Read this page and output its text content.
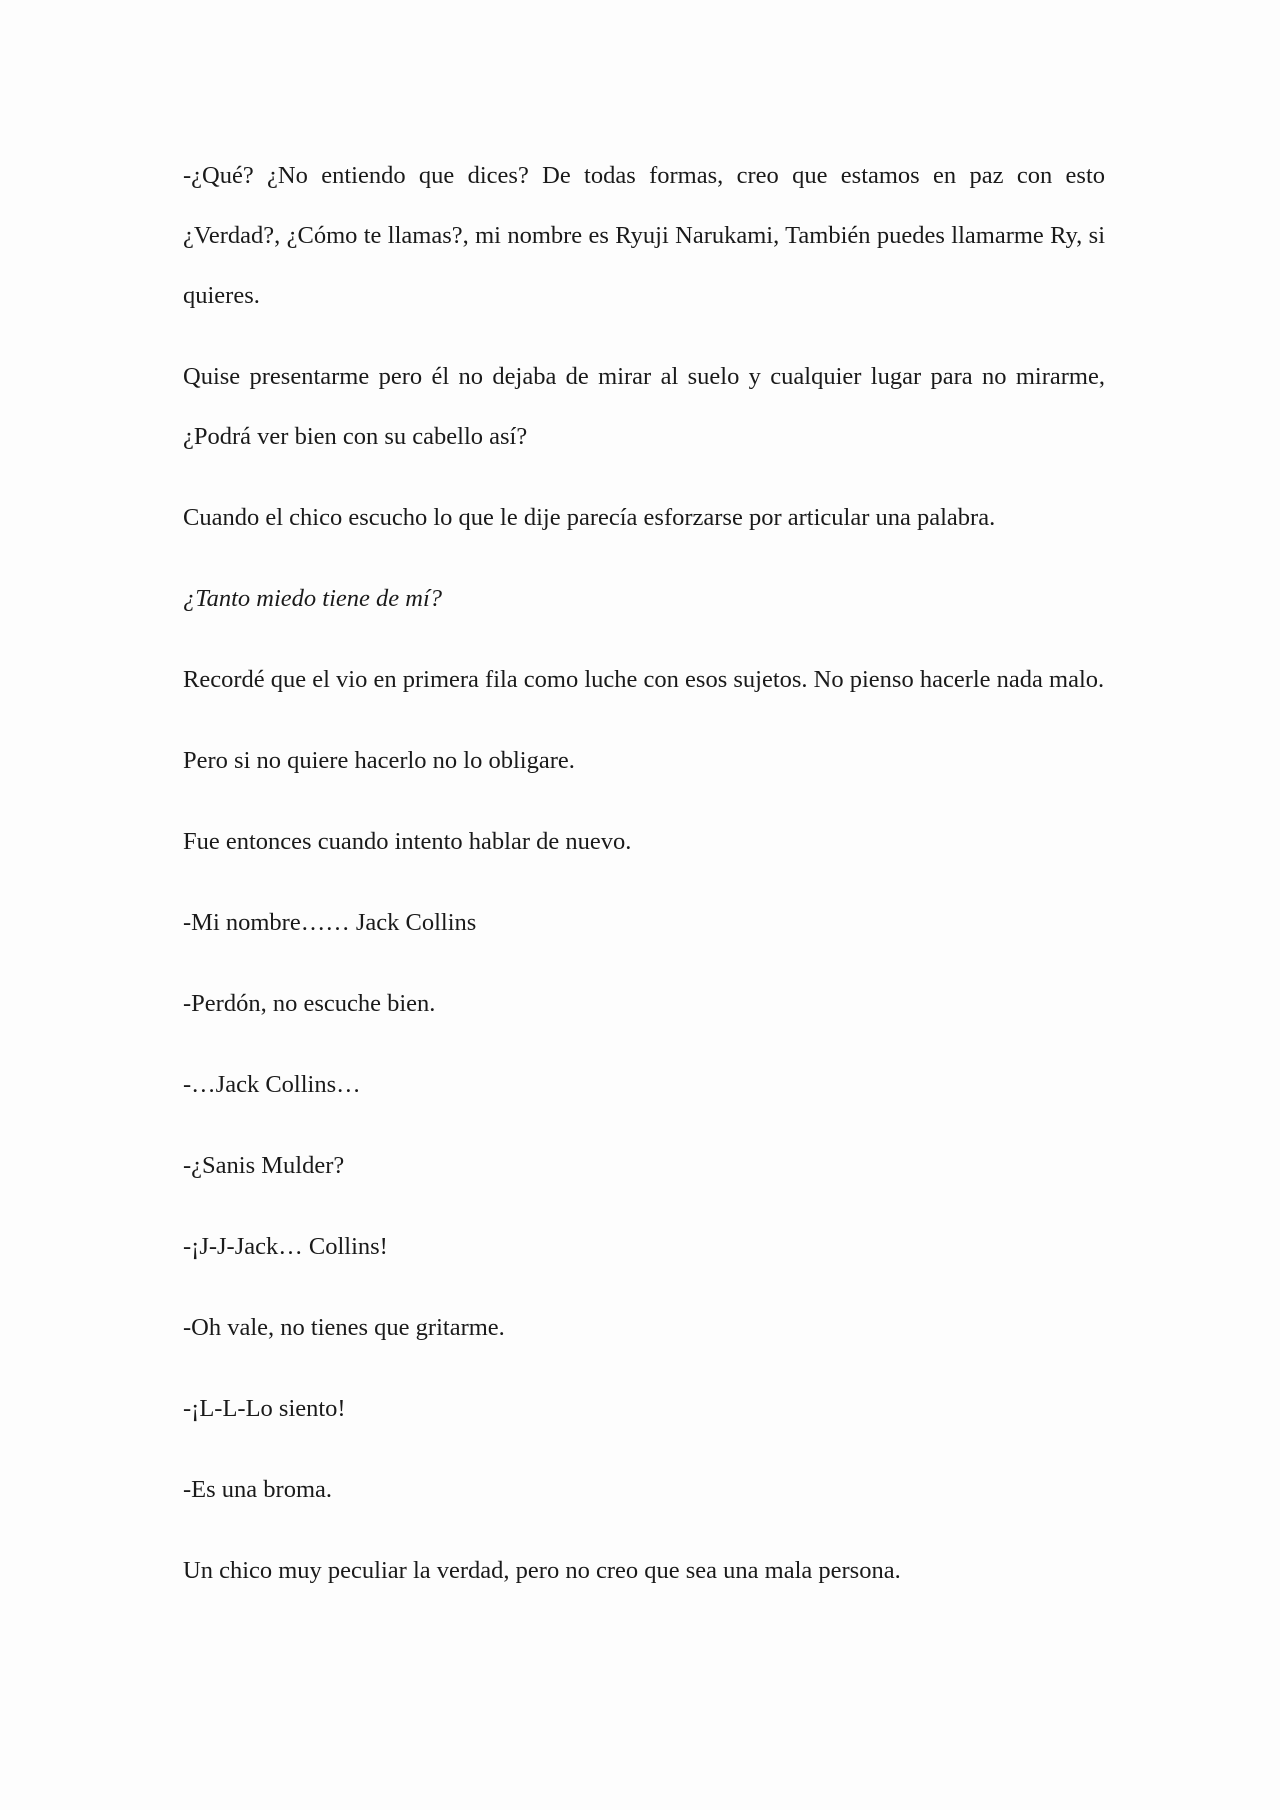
-¿Qué? ¿No entiendo que dices? De todas formas, creo que estamos en paz con esto ¿Verdad?, ¿Cómo te llamas?, mi nombre es Ryuji Narukami, También puedes llamarme Ry, si quieres.

Quise presentarme pero él no dejaba de mirar al suelo y cualquier lugar para no mirarme, ¿Podrá ver bien con su cabello así?

Cuando el chico escucho lo que le dije parecía esforzarse por articular una palabra.

¿Tanto miedo tiene de mí?

Recordé que el vio en primera fila como luche con esos sujetos. No pienso hacerle nada malo.

Pero si no quiere hacerlo no lo obligare.

Fue entonces cuando intento hablar de nuevo.

-Mi nombre…… Jack Collins

-Perdón, no escuche bien.

-…Jack Collins…

-¿Sanis Mulder?

-¡J-J-Jack… Collins!

-Oh vale, no tienes que gritarme.

-¡L-L-Lo siento!

-Es una broma.

Un chico muy peculiar la verdad, pero no creo que sea una mala persona.
